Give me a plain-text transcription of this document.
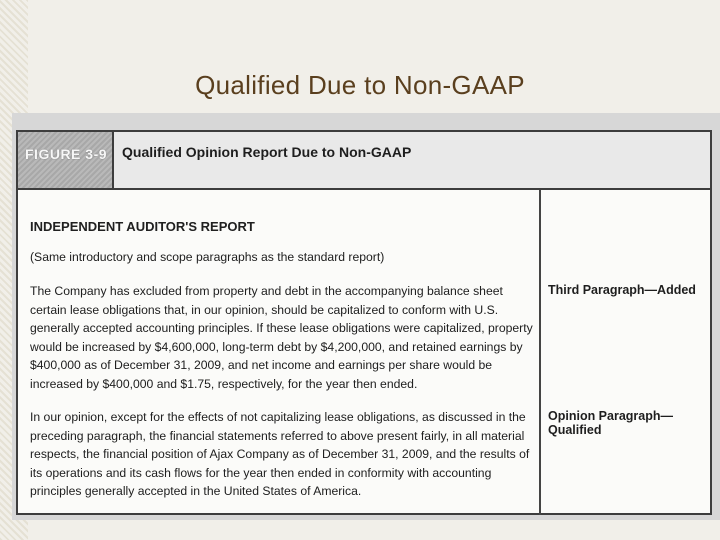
Qualified Due to Non-GAAP
FIGURE 3-9 Qualified Opinion Report Due to Non-GAAP
INDEPENDENT AUDITOR'S REPORT
(Same introductory and scope paragraphs as the standard report)
The Company has excluded from property and debt in the accompanying balance sheet certain lease obligations that, in our opinion, should be capitalized to conform with U.S. generally accepted accounting principles. If these lease obligations were capitalized, property would be increased by $4,600,000, long-term debt by $4,200,000, and retained earnings by $400,000 as of December 31, 2009, and net income and earnings per share would be increased by $400,000 and $1.75, respectively, for the year then ended.
In our opinion, except for the effects of not capitalizing lease obligations, as discussed in the preceding paragraph, the financial statements referred to above present fairly, in all material respects, the financial position of Ajax Company as of December 31, 2009, and the results of its operations and its cash flows for the year then ended in conformity with accounting principles generally accepted in the United States of America.
Third Paragraph—Added
Opinion Paragraph—Qualified
